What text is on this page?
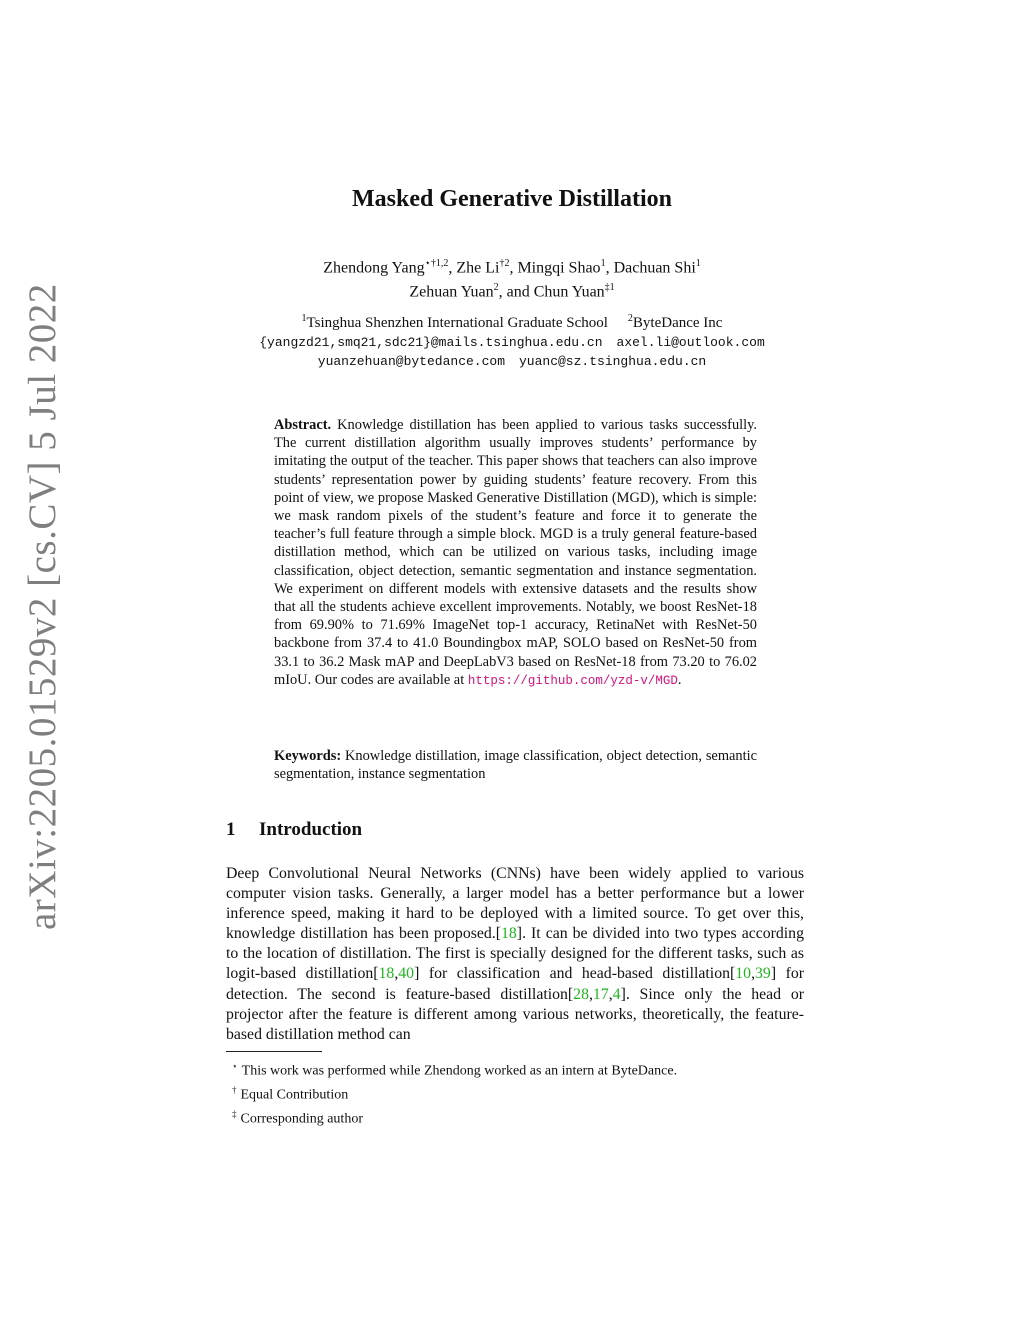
arXiv:2205.01529v2 [cs.CV] 5 Jul 2022
Masked Generative Distillation
Zhendong Yang$^{⋆\dagger 1,2}$, Zhe Li$^{\dagger 2}$, Mingqi Shao$^1$, Dachuan Shi$^1$
Zehuan Yuan$^2$, and Chun Yuan$^{\ddagger 1}$
$^1$Tsinghua Shenzhen International Graduate School $^2$ByteDance Inc
{yangzd21,smq21,sdc21}@mails.tsinghua.edu.cn axel.li@outlook.com
yuanzehuan@bytedance.com yuanc@sz.tsinghua.edu.cn
Abstract. Knowledge distillation has been applied to various tasks successfully. The current distillation algorithm usually improves students’ performance by imitating the output of the teacher. This paper shows that teachers can also improve students’ representation power by guiding students’ feature recovery. From this point of view, we propose Masked Generative Distillation (MGD), which is simple: we mask random pixels of the student’s feature and force it to generate the teacher’s full feature through a simple block. MGD is a truly general feature-based distillation method, which can be utilized on various tasks, including image classification, object detection, semantic segmentation and instance segmentation. We experiment on different models with extensive datasets and the results show that all the students achieve excellent improvements. Notably, we boost ResNet-18 from 69.90% to 71.69% ImageNet top-1 accuracy, RetinaNet with ResNet-50 backbone from 37.4 to 41.0 Boundingbox mAP, SOLO based on ResNet-50 from 33.1 to 36.2 Mask mAP and DeepLabV3 based on ResNet-18 from 73.20 to 76.02 mIoU. Our codes are available at https://github.com/yzd-v/MGD.
Keywords: Knowledge distillation, image classification, object detection, semantic segmentation, instance segmentation
1 Introduction
Deep Convolutional Neural Networks (CNNs) have been widely applied to various computer vision tasks. Generally, a larger model has a better performance but a lower inference speed, making it hard to be deployed with a limited source. To get over this, knowledge distillation has been proposed.[18]. It can be divided into two types according to the location of distillation. The first is specially designed for the different tasks, such as logit-based distillation[18,40] for classification and head-based distillation[10,39] for detection. The second is feature-based distillation[28,17,4]. Since only the head or projector after the feature is different among various networks, theoretically, the feature-based distillation method can
⋆ This work was performed while Zhendong worked as an intern at ByteDance.
† Equal Contribution
‡ Corresponding author
